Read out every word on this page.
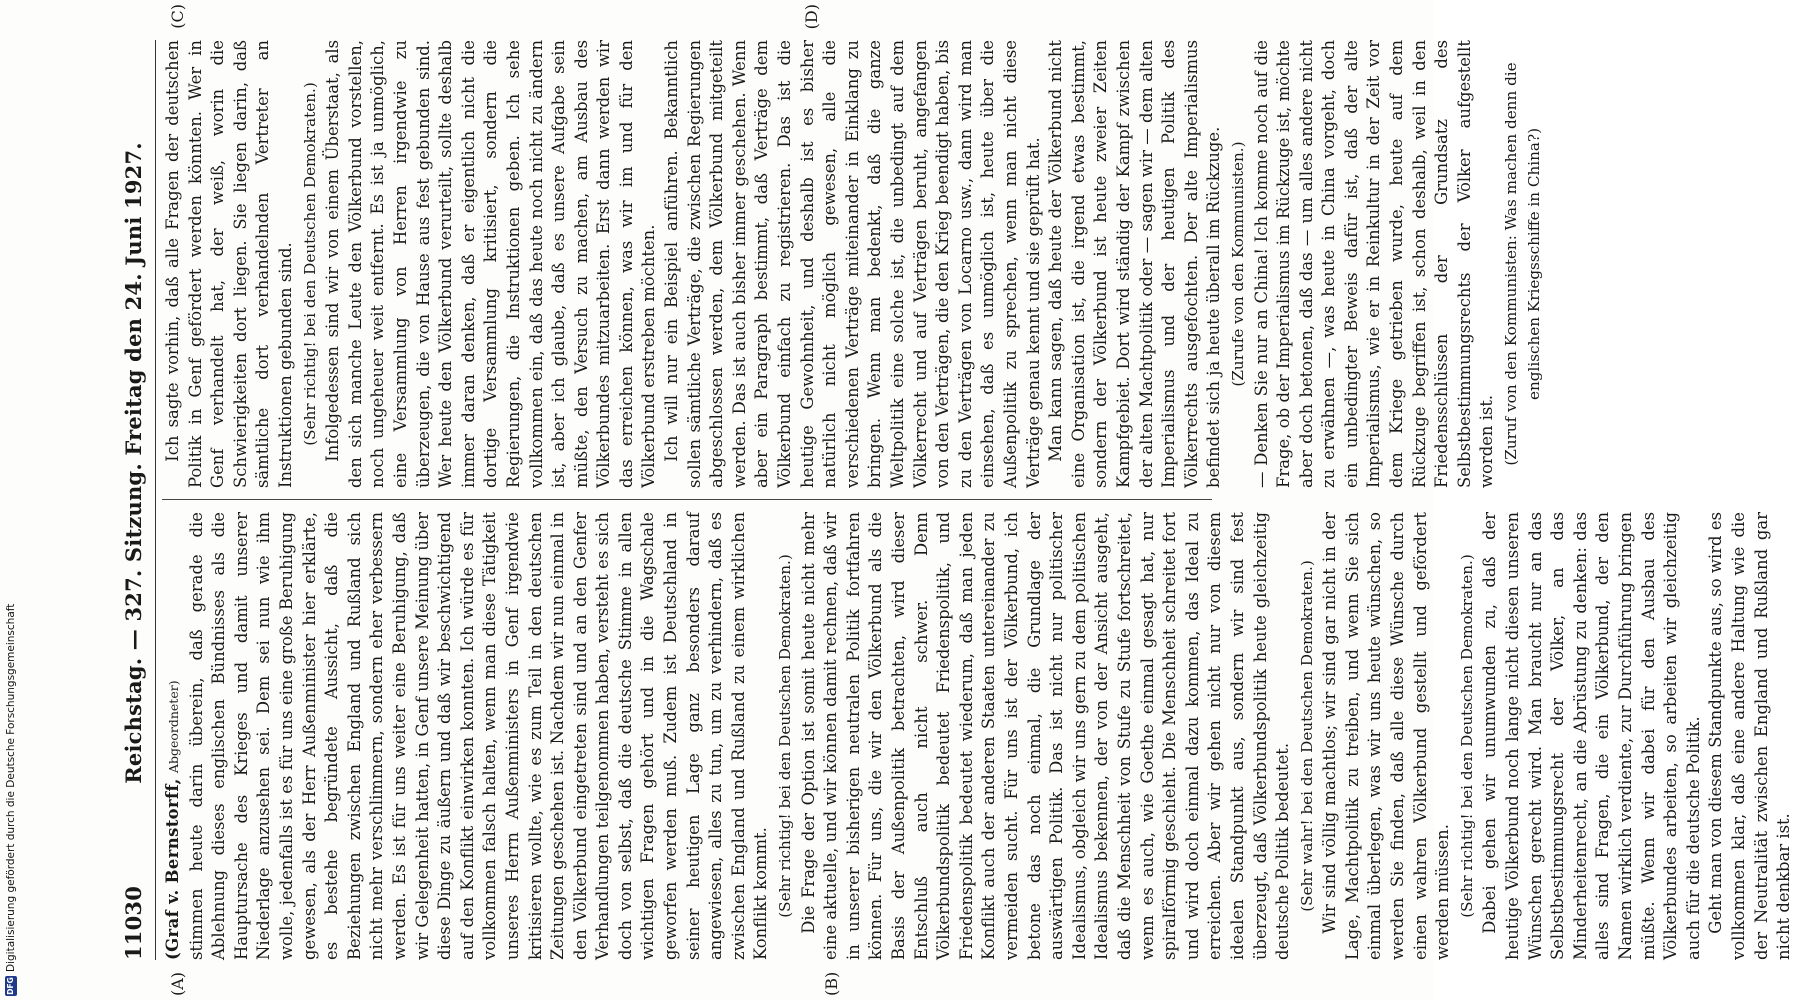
11030
Reichstag. — 327. Sitzung. Freitag den 24. Juni 1927.
(A)	(B)
(C)	(D)

(Graf v. Bernstorff, Abgeordneter) stimmen heute darin überein, daß gerade die Ablehnung dieses englischen Bündnisses als die Hauptursache des Krieges und damit unserer Niederlage anzusehen sei. Dem sei nun wie ihm wolle, jedenfalls ist es für uns eine große Beruhigung gewesen, als der Herr Außenminister hier erklärte, es bestehe begründete Aussicht, daß die Beziehungen zwischen England und Rußland sich nicht mehr verschlimmern, sondern eher verbessern werden. Es ist für uns weiter eine Beruhigung, daß wir Gelegenheit hatten, in Genf unsere Meinung über diese Dinge zu äußern und daß wir beschwichtigend auf den Konflikt einwirken konnten. Ich würde es für vollkommen falsch halten, wenn man diese Tätigkeit unseres Herrn Außenministers in Genf irgendwie kritisieren wollte, wie es zum Teil in den deutschen Zeitungen geschehen ist. Nachdem wir nun einmal in den Völkerbund eingetreten sind und an den Genfer Verhandlungen teilgenommen haben, versteht es sich doch von selbst, daß die deutsche Stimme in allen wichtigen Fragen gehört und in die Wagschale geworfen werden muß. Zudem ist Deutschland in seiner heutigen Lage ganz besonders darauf angewiesen, alles zu tun, um zu verhindern, daß es zwischen England und Rußland zu einem wirklichen Konflikt kommt. (Sehr richtig! bei den Deutschen Demokraten.) Die Frage der Option ist somit heute nicht mehr eine aktuelle, und wir können damit rechnen, daß wir in unserer bisherigen neutralen Politik fortfahren können. Für uns, die wir den Völkerbund als die Basis der Außenpolitik betrachten, wird dieser Entschluß auch nicht schwer. Denn Völkerbundspolitik bedeutet Friedenspolitik, und Friedenspolitik bedeutet wiederum, daß man jeden Konflikt auch der anderen Staaten untereinander zu vermeiden sucht. Für uns ist der Völkerbund, ich betone das noch einmal, die Grundlage der auswärtigen Politik. Das ist nicht nur politischer Idealismus, obgleich wir uns gern zu dem politischen Idealismus bekennen, der von der Ansicht ausgeht, daß die Menschheit von Stufe zu Stufe fortschreitet, wenn es auch, wie Goethe einmal gesagt hat, nur spiralförmig geschieht. Die Menschheit schreitet fort und wird doch einmal dazu kommen, das Ideal zu erreichen. Aber wir gehen nicht nur von diesem idealen Standpunkt aus, sondern wir sind fest überzeugt, daß Völkerbundspolitik heute gleichzeitig deutsche Politik bedeutet. (Sehr wahr! bei den Deutschen Demokraten.) Wir sind völlig machtlos; wir sind gar nicht in der Lage, Machtpolitik zu treiben, und wenn Sie sich einmal überlegen, was wir uns heute wünschen, so werden Sie finden, daß alle diese Wünsche durch einen wahren Völkerbund gestellt und gefördert werden müssen. (Sehr richtig! bei den Deutschen Demokraten.) Dabei gehen wir unumwunden zu, daß der heutige Völkerbund noch lange nicht diesen unseren Wünschen gerecht wird. Man braucht nur an das Selbstbestimmungsrecht der Völker, an das Minderheitenrecht, an die Abrüstung zu denken: das alles sind Fragen, die ein Völkerbund, der den Namen wirklich verdiente, zur Durchführung bringen müßte. Wenn wir dabei für den Ausbau des Völkerbundes arbeiten, so arbeiten wir gleichzeitig auch für die deutsche Politik. Geht man von diesem Standpunkte aus, so wird es vollkommen klar, daß eine andere Haltung wie die der Neutralität zwischen England und Rußland gar nicht denkbar ist.

Ich sagte vorhin, daß alle Fragen der deutschen Politik in Genf gefördert werden könnten. Wer in Genf verhandelt hat, der weiß, worin die Schwierigkeiten dort liegen. Sie liegen darin, daß sämtliche dort verhandelnden Vertreter an Instruktionen gebunden sind. (Sehr richtig! bei den Deutschen Demokraten.) Infolgedessen sind wir von einem Überstaat, als den sich manche Leute den Völkerbund vorstellen, noch ungeheuer weit entfernt. Es ist ja unmöglich, eine Versammlung von Herren irgendwie zu überzeugen, die von Hause aus fest gebunden sind. Wer heute den Völkerbund verurteilt, sollte deshalb immer daran denken, daß er eigentlich nicht die dortige Versammlung kritisiert, sondern die Regierungen, die Instruktionen geben. Ich sehe vollkommen ein, daß das heute noch nicht zu ändern ist, aber ich glaube, daß es unsere Aufgabe sein müßte, den Versuch zu machen, am Ausbau des Völkerbundes mitzuarbeiten. Erst dann werden wir das erreichen können, was wir im und für den Völkerbund erstreben möchten. Ich will nur ein Beispiel anführen. Bekanntlich sollen sämtliche Verträge, die zwischen Regierungen abgeschlossen werden, dem Völkerbund mitgeteilt werden. Das ist auch bisher immer geschehen. Wenn aber ein Paragraph bestimmt, daß Verträge dem Völkerbund einfach zu registrieren. Das ist die heutige Gewohnheit, und deshalb ist es bisher natürlich nicht möglich gewesen, alle die verschiedenen Verträge miteinander in Einklang zu bringen. Wenn man bedenkt, daß die ganze Weltpolitik eine solche ist, die unbedingt auf dem Völkerrecht und auf Verträgen beruht, angefangen von den Verträgen, die den Krieg beendigt haben, bis zu den Verträgen von Locarno usw., dann wird man einsehen, daß es unmöglich ist, heute über die Außenpolitik zu sprechen, wenn man nicht diese Verträge genau kennt und sie geprüft hat. Man kann sagen, daß heute der Völkerbund nicht eine Organisation ist, die irgend etwas bestimmt, sondern der Völkerbund ist heute zweier Zeiten Kampfgebiet. Dort wird ständig der Kampf zwischen der alten Machtpolitik oder — sagen wir — dem alten Imperialismus und der heutigen Politik des Völkerrechts ausgefochten. Der alte Imperialismus befindet sich ja heute überall im Rückzuge. (Zurufe von den Kommunisten.) — Denken Sie nur an China! Ich komme noch auf die Frage, ob der Imperialismus im Rückzuge ist, möchte aber doch betonen, daß das — um alles andere nicht zu erwähnen —, was heute in China vorgeht, doch ein unbedingter Beweis dafür ist, daß der alte Imperialismus, wie er in Reinkultur in der Zeit vor dem Kriege getrieben wurde, heute auf dem Rückzuge begriffen ist, schon deshalb, weil in den Friedensschlüssen der Grundsatz des Selbstbestimmungsrechts der Völker aufgestellt worden ist. (Zuruf von den Kommunisten: Was machen denn die englischen Kriegsschiffe in China?)

DFG
Digitalisierung gefördert durch die Deutsche Forschungsgemeinschaft
